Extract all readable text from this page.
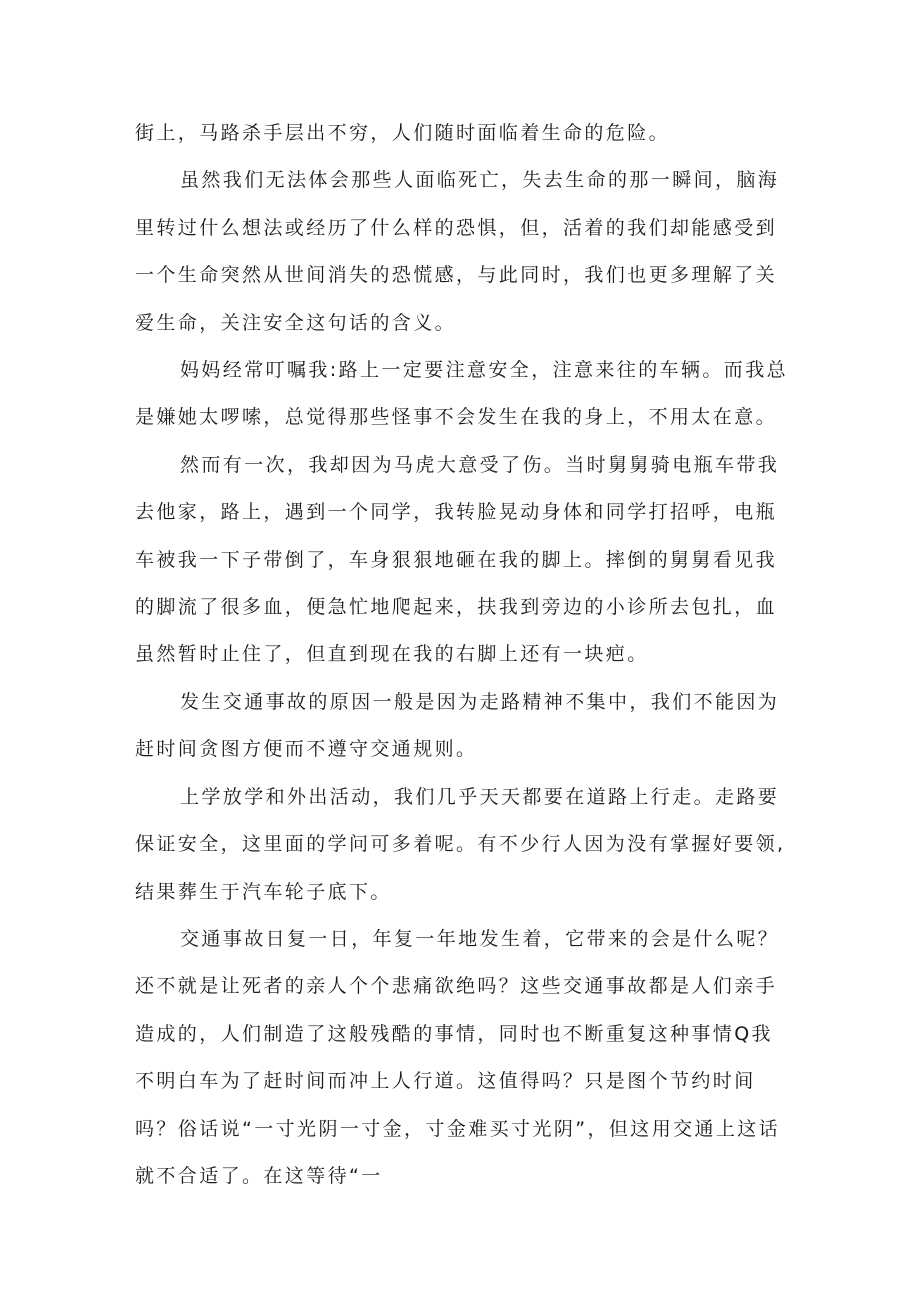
街上，马路杀手层出不穷，人们随时面临着生命的危险。

虽然我们无法体会那些人面临死亡，失去生命的那一瞬间，脑海里转过什么想法或经历了什么样的恐惧，但，活着的我们却能感受到一个生命突然从世间消失的恐慌感，与此同时，我们也更多理解了关爱生命，关注安全这句话的含义。

妈妈经常叮嘱我:路上一定要注意安全，注意来往的车辆。而我总是嫌她太啰嗦，总觉得那些怪事不会发生在我的身上，不用太在意。

然而有一次，我却因为马虎大意受了伤。当时舅舅骑电瓶车带我去他家，路上，遇到一个同学，我转脸晃动身体和同学打招呼，电瓶车被我一下子带倒了，车身狠狠地砸在我的脚上。摔倒的舅舅看见我的脚流了很多血，便急忙地爬起来，扶我到旁边的小诊所去包扎，血虽然暂时止住了，但直到现在我的右脚上还有一块疤。

发生交通事故的原因一般是因为走路精神不集中，我们不能因为赶时间贪图方便而不遵守交通规则。

上学放学和外出活动，我们几乎天天都要在道路上行走。走路要保证安全，这里面的学问可多着呢。有不少行人因为没有掌握好要领,结果葬生于汽车轮子底下。

交通事故日复一日，年复一年地发生着，它带来的会是什么呢？还不就是让死者的亲人个个悲痛欲绝吗？这些交通事故都是人们亲手造成的，人们制造了这般残酷的事情，同时也不断重复这种事情Q我不明白车为了赶时间而冲上人行道。这值得吗？只是图个节约时间吗？俗话说“一寸光阴一寸金，寸金难买寸光阴”，但这用交通上这话就不合适了。在这等待“一
